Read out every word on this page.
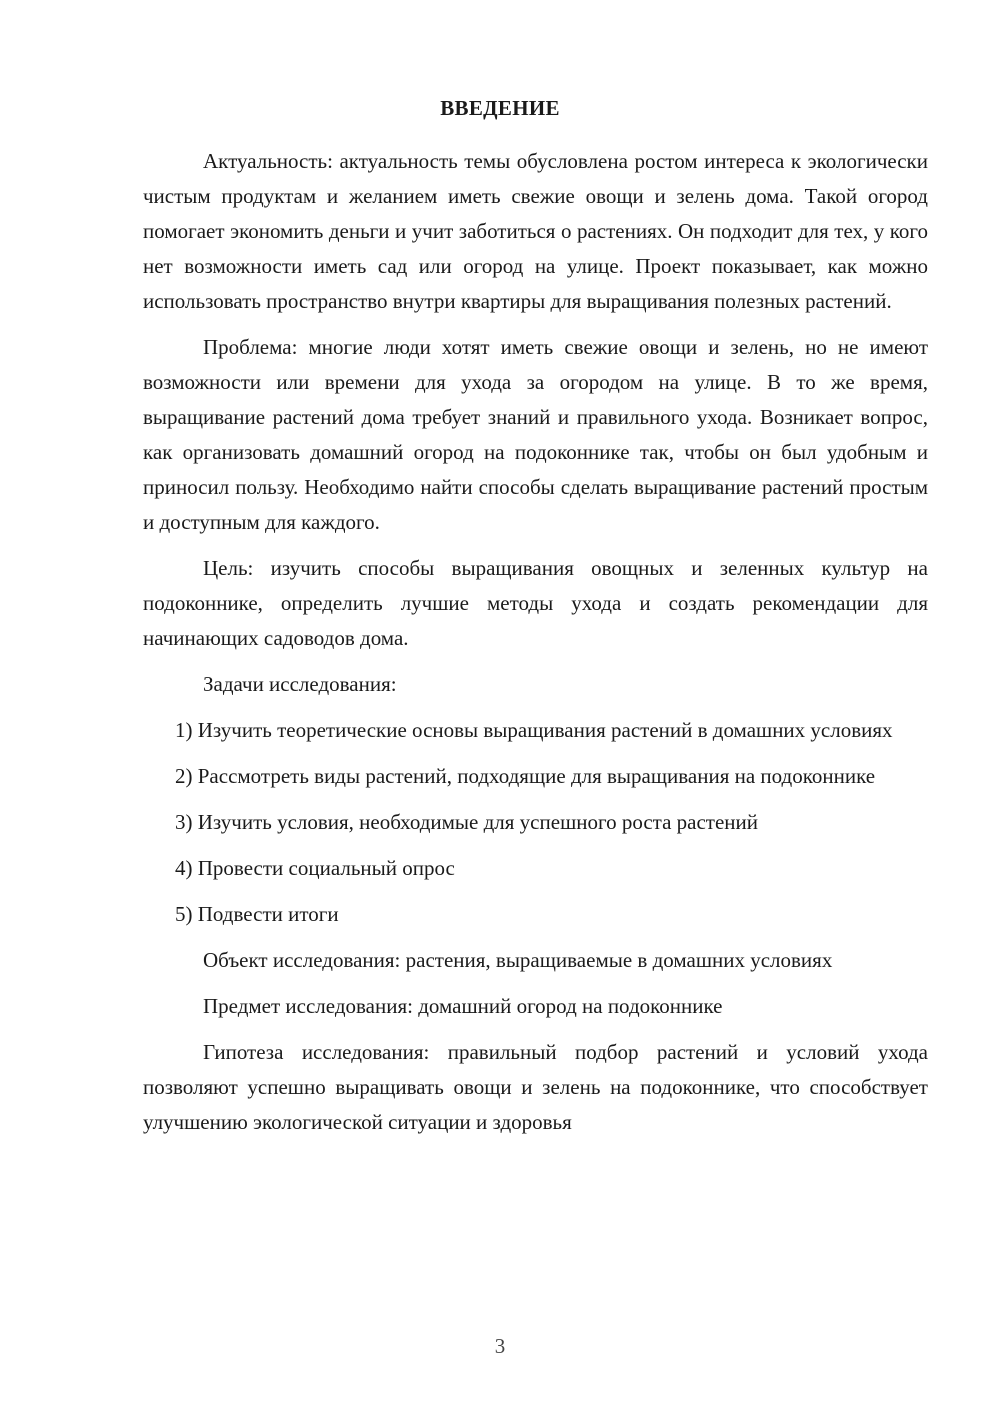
ВВЕДЕНИЕ

Актуальность: актуальность темы обусловлена ростом интереса к экологически чистым продуктам и желанием иметь свежие овощи и зелень дома. Такой огород помогает экономить деньги и учит заботиться о растениях. Он подходит для тех, у кого нет возможности иметь сад или огород на улице. Проект показывает, как можно использовать пространство внутри квартиры для выращивания полезных растений.

Проблема: многие люди хотят иметь свежие овощи и зелень, но не имеют возможности или времени для ухода за огородом на улице. В то же время, выращивание растений дома требует знаний и правильного ухода. Возникает вопрос, как организовать домашний огород на подоконнике так, чтобы он был удобным и приносил пользу. Необходимо найти способы сделать выращивание растений простым и доступным для каждого.

Цель: изучить способы выращивания овощных и зеленных культур на подоконнике, определить лучшие методы ухода и создать рекомендации для начинающих садоводов дома.

Задачи исследования:

1) Изучить теоретические основы выращивания растений в домашних условиях

2) Рассмотреть виды растений, подходящие для выращивания на подоконнике

3) Изучить условия, необходимые для успешного роста растений

4) Провести социальный опрос

5) Подвести итоги

Объект исследования: растения, выращиваемые в домашних условиях

Предмет исследования: домашний огород на подоконнике

Гипотеза исследования: правильный подбор растений и условий ухода позволяют успешно выращивать овощи и зелень на подоконнике, что способствует улучшению экологической ситуации и здоровья

3
